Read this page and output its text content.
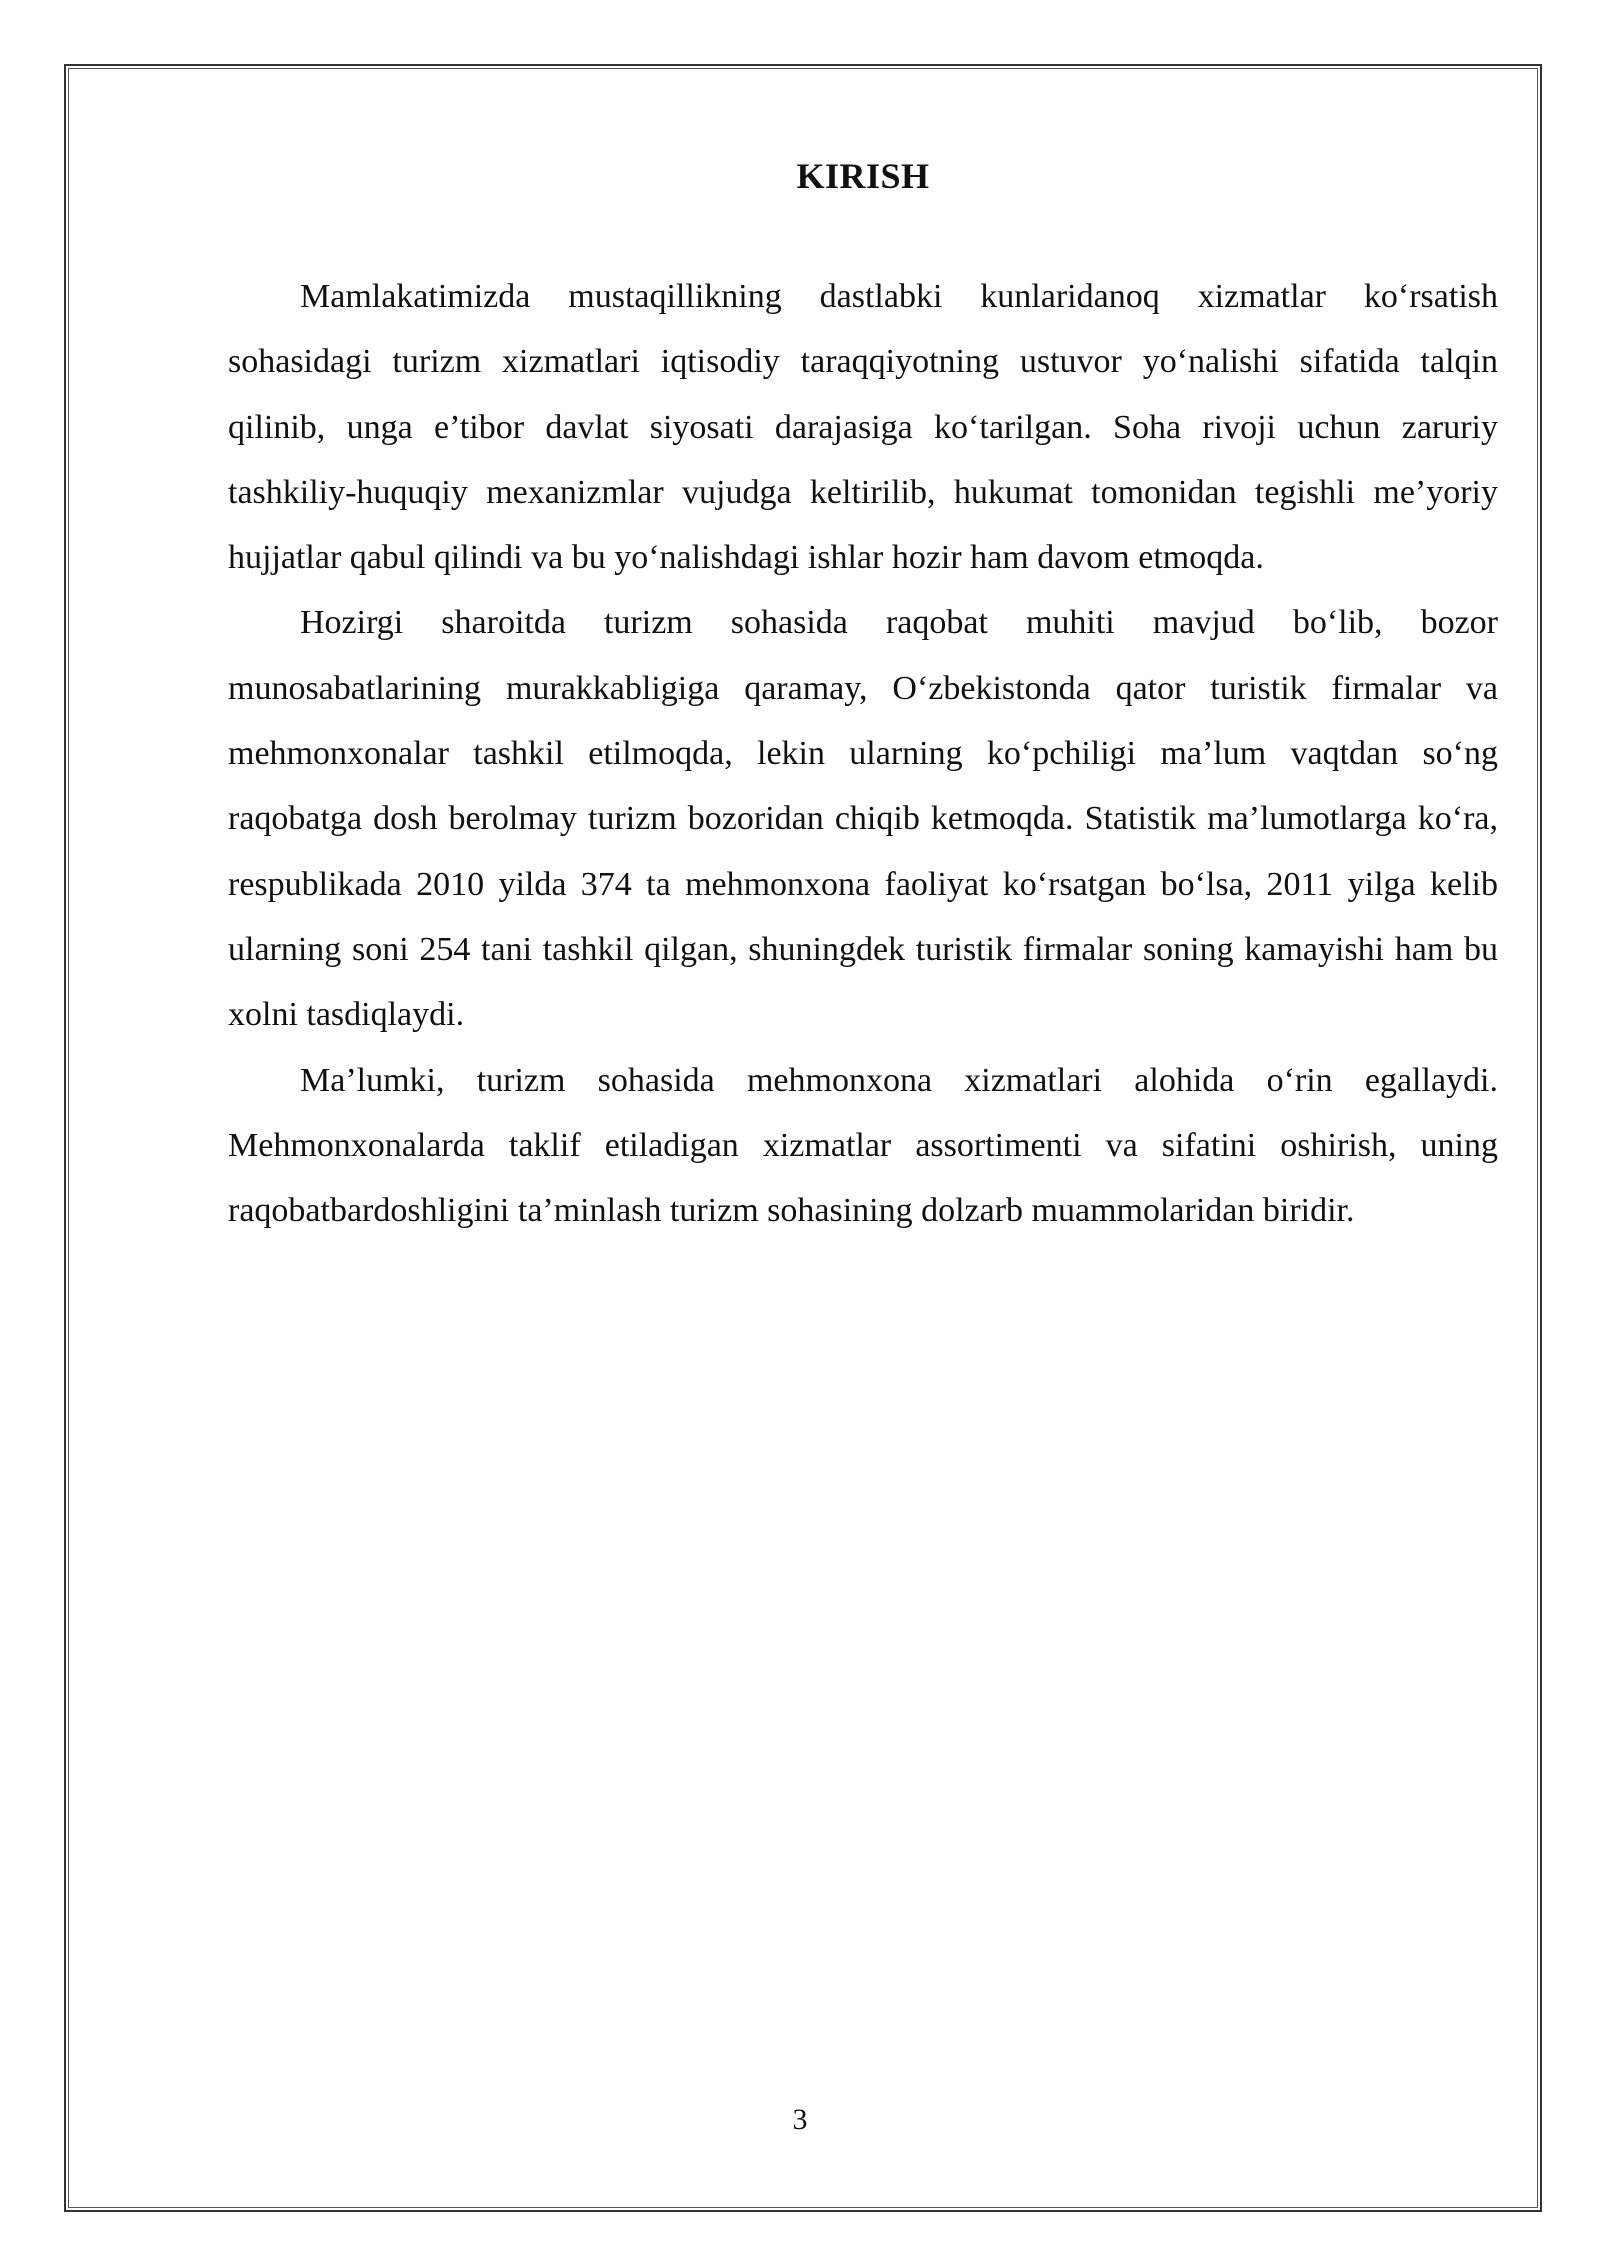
KIRISH

Mamlakatimizda mustaqillikning dastlabki kunlaridanoq xizmatlar ko‘rsatish sohasidagi turizm xizmatlari iqtisodiy taraqqiyotning ustuvor yo‘nalishi sifatida talqin qilinib, unga e’tibor davlat siyosati darajasiga ko‘tarilgan. Soha rivoji uchun zaruriy tashkiliy-huquqiy mexanizmlar vujudga keltirilib, hukumat tomonidan tegishli me’yoriy hujjatlar qabul qilindi va bu yo‘nalishdagi ishlar hozir ham davom etmoqda.

Hozirgi sharoitda turizm sohasida raqobat muhiti mavjud bo‘lib, bozor munosabatlarining murakkabligiga qaramay, O‘zbekistonda qator turistik firmalar va mehmonxonalar tashkil etilmoqda, lekin ularning ko‘pchiligi ma’lum vaqtdan so‘ng raqobatga dosh berolmay turizm bozoridan chiqib ketmoqda. Statistik ma’lumotlarga ko‘ra, respublikada 2010 yilda 374 ta mehmonxona faoliyat ko‘rsatgan bo‘lsa, 2011 yilga kelib ularning soni 254 tani tashkil qilgan, shuningdek turistik firmalar soning kamayishi ham bu xolni tasdiqlaydi.

Ma’lumki, turizm sohasida mehmonxona xizmatlari alohida o‘rin egallaydi. Mehmonxonalarda taklif etiladigan xizmatlar assortimenti va sifatini oshirish, uning raqobatbardoshligini ta’minlash turizm sohasining dolzarb muammolaridan biridir.

3
